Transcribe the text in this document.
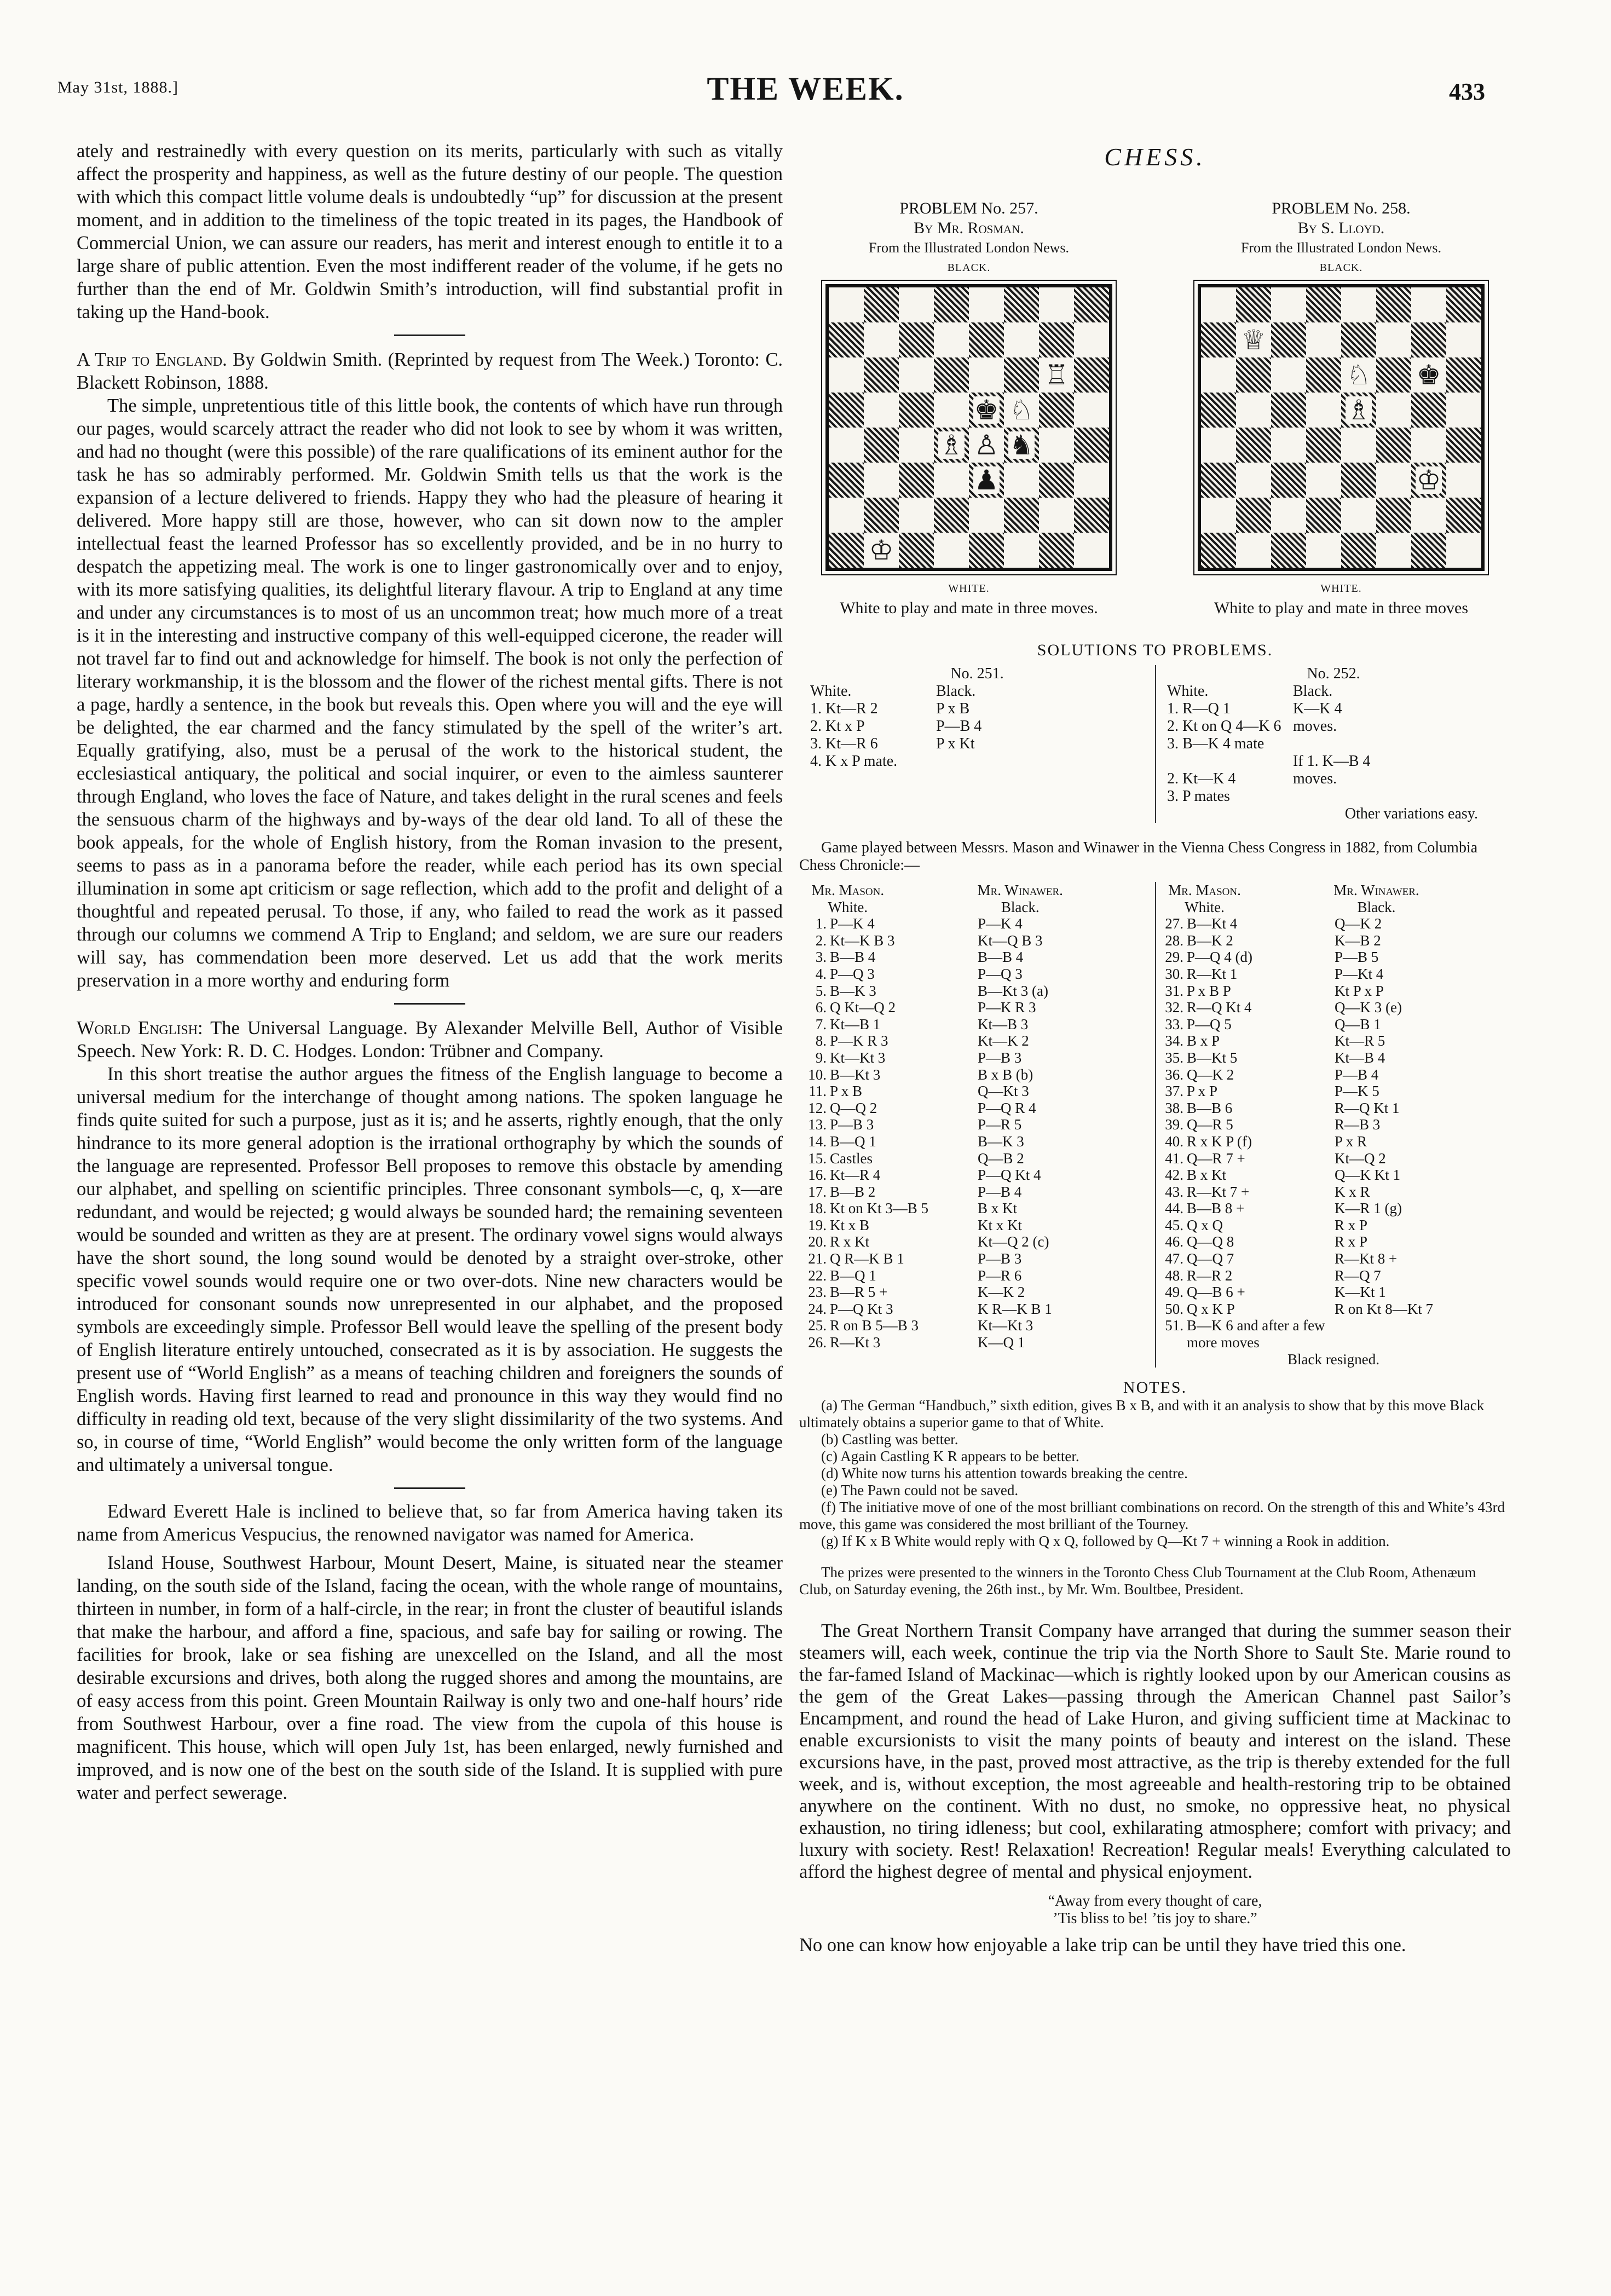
May 31st, 1888.]	THE WEEK.	433

ately and restrainedly with every question on its merits, particularly with such as vitally affect the prosperity and happiness, as well as the future destiny of our people. The question with which this compact little volume deals is undoubtedly “up” for discussion at the present moment, and in addition to the timeliness of the topic treated in its pages, the Handbook of Commercial Union, we can assure our readers, has merit and interest enough to entitle it to a large share of public attention. Even the most indifferent reader of the volume, if he gets no further than the end of Mr. Goldwin Smith’s introduction, will find substantial profit in taking up the Hand-book.

A Trip to England. By Goldwin Smith. (Reprinted by request from The Week.) Toronto: C. Blackett Robinson, 1888.

The simple, unpretentious title of this little book, the contents of which have run through our pages, would scarcely attract the reader who did not look to see by whom it was written, and had no thought (were this possible) of the rare qualifications of its eminent author for the task he has so admirably performed. Mr. Goldwin Smith tells us that the work is the expansion of a lecture delivered to friends. Happy they who had the pleasure of hearing it delivered. More happy still are those, however, who can sit down now to the ampler intellectual feast the learned Professor has so excellently provided, and be in no hurry to despatch the appetizing meal. The work is one to linger gastronomically over and to enjoy, with its more satisfying qualities, its delightful literary flavour. A trip to England at any time and under any circumstances is to most of us an uncommon treat; how much more of a treat is it in the interesting and instructive company of this well-equipped cicerone, the reader will not travel far to find out and acknowledge for himself. The book is not only the perfection of literary workmanship, it is the blossom and the flower of the richest mental gifts. There is not a page, hardly a sentence, in the book but reveals this. Open where you will and the eye will be delighted, the ear charmed and the fancy stimulated by the spell of the writer’s art. Equally gratifying, also, must be a perusal of the work to the historical student, the ecclesiastical antiquary, the political and social inquirer, or even to the aimless saunterer through England, who loves the face of Nature, and takes delight in the rural scenes and feels the sensuous charm of the highways and by-ways of the dear old land. To all of these the book appeals, for the whole of English history, from the Roman invasion to the present, seems to pass as in a panorama before the reader, while each period has its own special illumination in some apt criticism or sage reflection, which add to the profit and delight of a thoughtful and repeated perusal. To those, if any, who failed to read the work as it passed through our columns we commend A Trip to England; and seldom, we are sure our readers will say, has commendation been more deserved. Let us add that the work merits preservation in a more worthy and enduring form

World English: The Universal Language. By Alexander Melville Bell, Author of Visible Speech. New York: R. D. C. Hodges. London: Trübner and Company.

In this short treatise the author argues the fitness of the English language to become a universal medium for the interchange of thought among nations. The spoken language he finds quite suited for such a purpose, just as it is; and he asserts, rightly enough, that the only hindrance to its more general adoption is the irrational orthography by which the sounds of the language are represented. Professor Bell proposes to remove this obstacle by amending our alphabet, and spelling on scientific principles. Three consonant symbols—c, q, x—are redundant, and would be rejected; g would always be sounded hard; the remaining seventeen would be sounded and written as they are at present. The ordinary vowel signs would always have the short sound, the long sound would be denoted by a straight over-stroke, other specific vowel sounds would require one or two over-dots. Nine new characters would be introduced for consonant sounds now unrepresented in our alphabet, and the proposed symbols are exceedingly simple. Professor Bell would leave the spelling of the present body of English literature entirely untouched, consecrated as it is by association. He suggests the present use of “World English” as a means of teaching children and foreigners the sounds of English words. Having first learned to read and pronounce in this way they would find no difficulty in reading old text, because of the very slight dissimilarity of the two systems. And so, in course of time, “World English” would become the only written form of the language and ultimately a universal tongue.

Edward Everett Hale is inclined to believe that, so far from America having taken its name from Americus Vespucius, the renowned navigator was named for America.

Island House, Southwest Harbour, Mount Desert, Maine, is situated near the steamer landing, on the south side of the Island, facing the ocean, with the whole range of mountains, thirteen in number, in form of a half-circle, in the rear; in front the cluster of beautiful islands that make the harbour, and afford a fine, spacious, and safe bay for sailing or rowing. The facilities for brook, lake or sea fishing are unexcelled on the Island, and all the most desirable excursions and drives, both along the rugged shores and among the mountains, are of easy access from this point. Green Mountain Railway is only two and one-half hours’ ride from Southwest Harbour, over a fine road. The view from the cupola of this house is magnificent. This house, which will open July 1st, has been enlarged, newly furnished and improved, and is now one of the best on the south side of the Island. It is supplied with pure water and perfect sewerage.

CHESS.
PROBLEM No. 257.
By Mr. Rosman.
From the Illustrated London News.
BLACK.
♖
♚ ♘
♗ ♙ ♞
♟
♔
WHITE.
White to play and mate in three moves.
PROBLEM No. 258.
By S. Lloyd.
From the Illustrated London News.
BLACK.
♕
♘ ♚
♗
♔
WHITE.
White to play and mate in three moves
SOLUTIONS TO PROBLEMS.
No. 251.
White.	Black.
1. Kt—R 2	P x B
2. Kt x P	P—B 4
3. Kt—R 6	P x Kt
4. K x P mate.
No. 252.
White.	Black.
1. R—Q 1	K—K 4
2. Kt on Q 4—K 6 moves.
3. B—K 4 mate
If 1. K—B 4
2. Kt—K 4	moves.
3. P mates
Other variations easy.
Game played between Messrs. Mason and Winawer in the Vienna Chess Congress in 1882, from Columbia Chess Chronicle:—
Mr. Mason.
White.
Mr. Winawer.
Black.
1. P—K 4	P—K 4
2. Kt—K B 3	Kt—Q B 3
3. B—B 4	B—B 4
4. P—Q 3	P—Q 3
5. B—K 3	B—Kt 3 (a)
6. Q Kt—Q 2	P—K R 3
7. Kt—B 1	Kt—B 3
8. P—K R 3	Kt—K 2
9. Kt—Kt 3	P—B 3
10. B—Kt 3	B x B (b)
11. P x B	Q—Kt 3
12. Q—Q 2	P—Q R 4
13. P—B 3	P—R 5
14. B—Q 1	B—K 3
15. Castles	Q—B 2
16. Kt—R 4	P—Q Kt 4
17. B—B 2	P—B 4
18. Kt on Kt 3—B 5	B x Kt
19. Kt x B	Kt x Kt
20. R x Kt	Kt—Q 2 (c)
21. Q R—K B 1	P—B 3
22. B—Q 1	P—R 6
23. B—R 5 +	K—K 2
24. P—Q Kt 3	K R—K B 1
25. R on B 5—B 3	Kt—Kt 3
26. R—Kt 3	K—Q 1
Mr. Mason.
White.
Mr. Winawer.
Black.
27. B—Kt 4	Q—K 2
28. B—K 2	K—B 2
29. P—Q 4 (d)	P—B 5
30. R—Kt 1	P—Kt 4
31. P x B P	Kt P x P
32. R—Q Kt 4	Q—K 3 (e)
33. P—Q 5	Q—B 1
34. B x P	Kt—R 5
35. B—Kt 5	Kt—B 4
36. Q—K 2	P—B 4
37. P x P	P—K 5
38. B—B 6	R—Q Kt 1
39. Q—R 5	R—B 3
40. R x K P (f)	P x R
41. Q—R 7 +	Kt—Q 2
42. B x Kt	Q—K Kt 1
43. R—Kt 7 +	K x R
44. B—B 8 +	K—R 1 (g)
45. Q x Q	R x P
46. Q—Q 8	R x P
47. Q—Q 7	R—Kt 8 +
48. R—R 2	R—Q 7
49. Q—B 6 +	K—Kt 1
50. Q x K P	R on Kt 8—Kt 7
51. B—K 6 and after a few more moves
Black resigned.
NOTES.

(a) The German “Handbuch,” sixth edition, gives B x B, and with it an analysis to show that by this move Black ultimately obtains a superior game to that of White.

(b) Castling was better.

(c) Again Castling K R appears to be better.

(d) White now turns his attention towards breaking the centre.

(e) The Pawn could not be saved.

(f) The initiative move of one of the most brilliant combinations on record. On the strength of this and White’s 43rd move, this game was considered the most brilliant of the Tourney.

(g) If K x B White would reply with Q x Q, followed by Q—Kt 7 + winning a Rook in addition.

The prizes were presented to the winners in the Toronto Chess Club Tournament at the Club Room, Athenæum Club, on Saturday evening, the 26th inst., by Mr. Wm. Boultbee, President.

The Great Northern Transit Company have arranged that during the summer season their steamers will, each week, continue the trip via the North Shore to Sault Ste. Marie round to the far-famed Island of Mackinac—which is rightly looked upon by our American cousins as the gem of the Great Lakes—passing through the American Channel past Sailor’s Encampment, and round the head of Lake Huron, and giving sufficient time at Mackinac to enable excursionists to visit the many points of beauty and interest on the island. These excursions have, in the past, proved most attractive, as the trip is thereby extended for the full week, and is, without exception, the most agreeable and health-restoring trip to be obtained anywhere on the continent. With no dust, no smoke, no oppressive heat, no physical exhaustion, no tiring idleness; but cool, exhilarating atmosphere; comfort with privacy; and luxury with society. Rest! Relaxation! Recreation! Regular meals! Everything calculated to afford the highest degree of mental and physical enjoyment.

“Away from every thought of care,
’Tis bliss to be! ’tis joy to share.”
No one can know how enjoyable a lake trip can be until they have tried this one.
